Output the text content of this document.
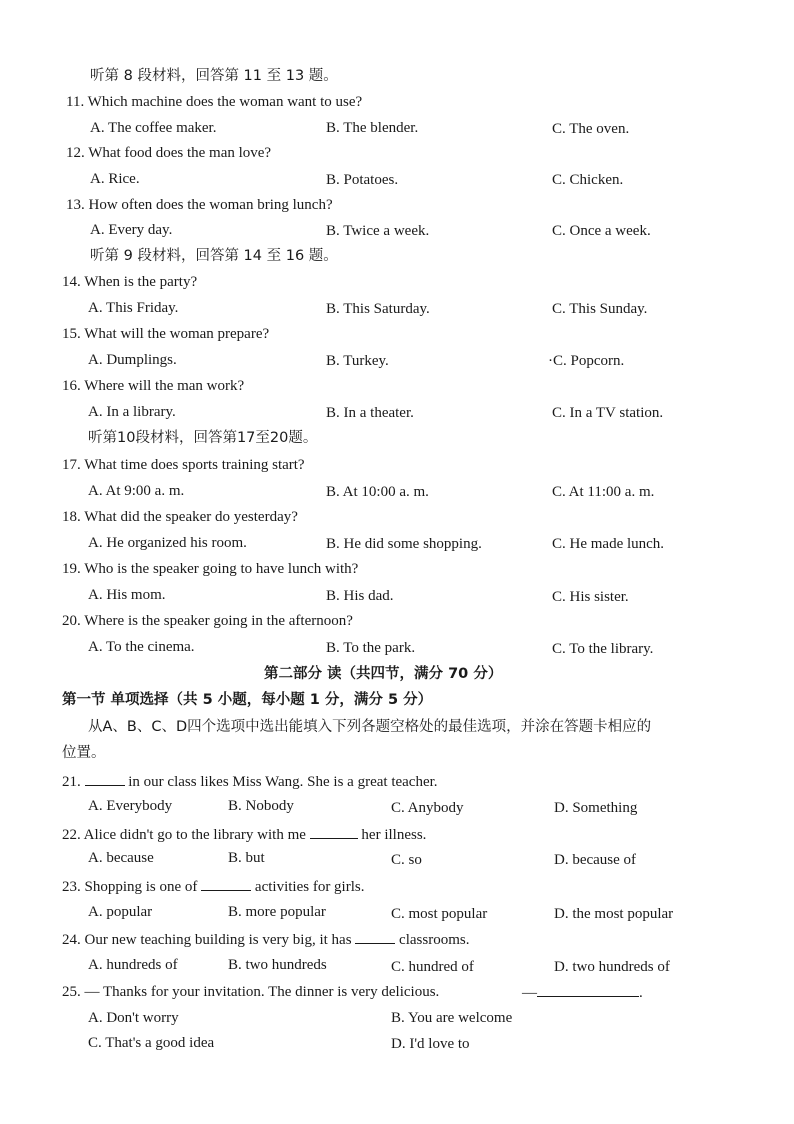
听第 8 段材料，回答第 11 至 13 题。
11. Which machine does the woman want to use?
A. The coffee maker.	B. The blender.	C. The oven.
12. What food does the man love?
A. Rice.	B. Potatoes.	C. Chicken.
13. How often does the woman bring lunch?
A. Every day.	B. Twice a week.	C. Once a week.
听第 9 段材料，回答第 14 至 16 题。
14. When is the party?
A. This Friday.	B. This Saturday.	C. This Sunday.
15. What will the woman prepare?
A. Dumplings.	B. Turkey.	·C. Popcorn.
16. Where will the man work?
A. In a library.	B. In a theater.	C. In a TV station.
听第10段材料，回答第17至20题。
17. What time does sports training start?
A. At 9:00 a. m.	B. At 10:00 a. m.	C. At 11:00 a. m.
18. What did the speaker do yesterday?
A. He organized his room.	B. He did some shopping.	C. He made lunch.
19. Who is the speaker going to have lunch with?
A. His mom.	B. His dad.	C. His sister.
20. Where is the speaker going in the afternoon?
A. To the cinema.	B. To the park.	C. To the library.
第二部分 读（共四节，满分 70 分）
第一节 单项选择（共 5 小题，每小题 1 分，满分 5 分）
从A、B、C、D四个选项中选出能填入下列各题空格处的最佳选项，并涂在答题卡相应的
位置。
21.	in our class likes Miss Wang. She is a great teacher.
A. Everybody	B. Nobody	C. Anybody	D. Something
22. Alice didn't go to the library with me	her illness.
A. because	B. but	C. so	D. because of
23. Shopping is one of	activities for girls.
A. popular	B. more popular	C. most popular	D. the most popular
24. Our new teaching building is very big, it has	classrooms.
A. hundreds of	B. two hundreds	C. hundred of	D. two hundreds of
25. — Thanks for your invitation. The dinner is very delicious.	—	.
A. Don't worry	B. You are welcome
C. That's a good idea	D. I'd love to
